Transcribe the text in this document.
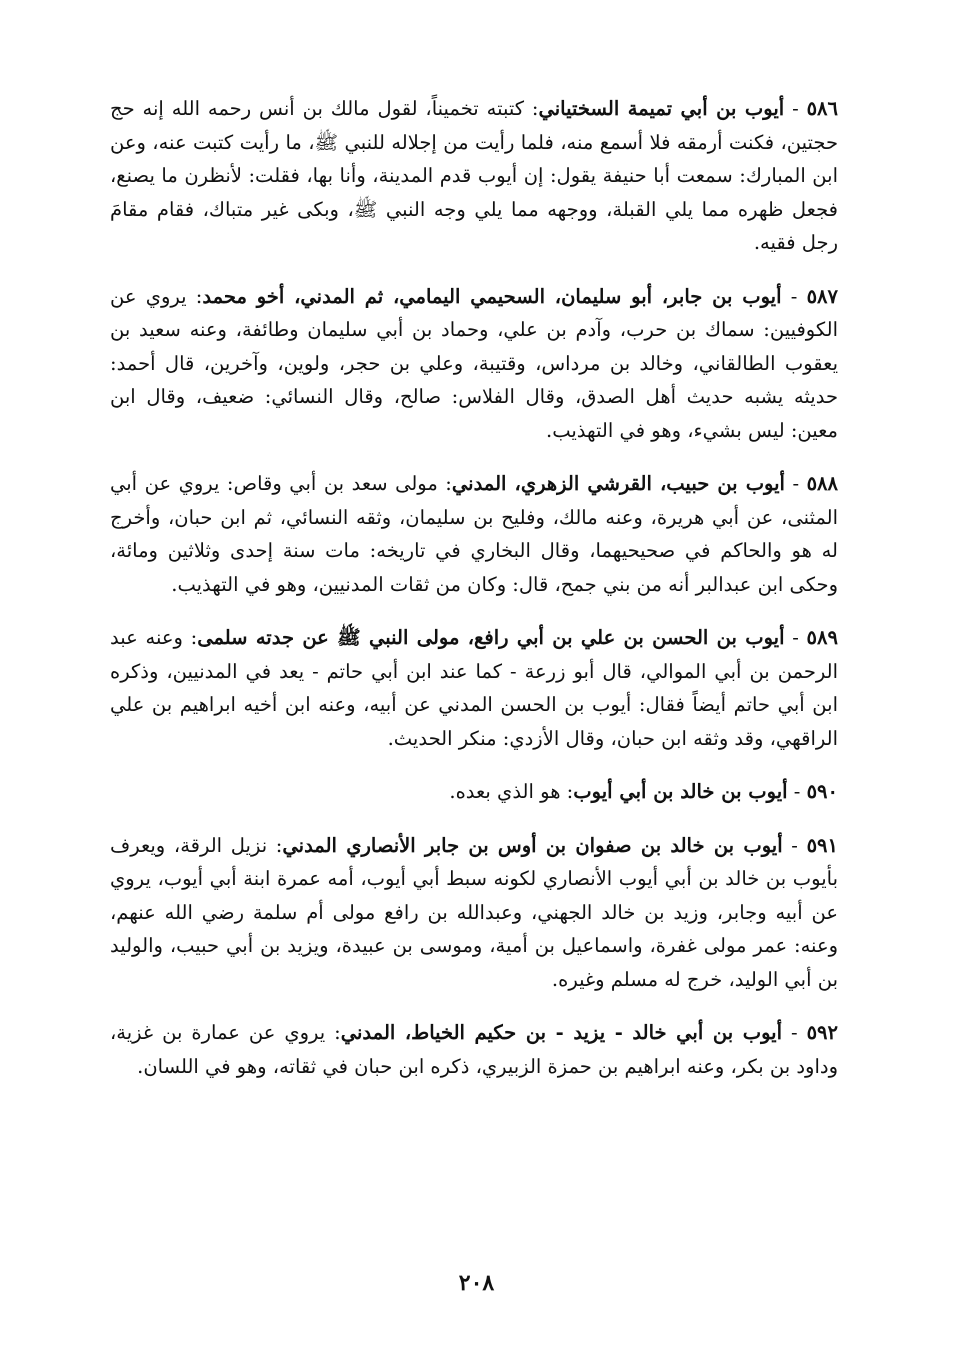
٥٨٦ - أيوب بن أبي تميمة السختياني: كتبته تخميناً، لقول مالك بن أنس رحمه الله إنه حج حجتين، فكنت أرمقه فلا أسمع منه، فلما رأيت من إجلاله للنبي ﷺ، ما رأيت كتبت عنه، وعن ابن المبارك: سمعت أبا حنيفة يقول: إن أيوب قدم المدينة، وأنا بها، فقلت: لأنظرن ما يصنع، فجعل ظهره مما يلي القبلة، ووجهه مما يلي وجه النبي ﷺ، وبكى غير متباك، فقام مقامَ رجل فقيه.

٥٨٧ - أيوب بن جابر، أبو سليمان، السحيمي اليمامي، ثم المدني، أخو محمد: يروي عن الكوفيين: سماك بن حرب، وآدم بن علي، وحماد بن أبي سليمان وطائفة، وعنه سعيد بن يعقوب الطالقاني، وخالد بن مرداس، وقتيبة، وعلي بن حجر، ولوين، وآخرين، قال أحمد: حديثه يشبه حديث أهل الصدق، وقال الفلاس: صالح، وقال النسائي: ضعيف، وقال ابن معين: ليس بشيء، وهو في التهذيب.

٥٨٨ - أيوب بن حبيب، القرشي الزهري، المدني: مولى سعد بن أبي وقاص: يروي عن أبي المثنى، عن أبي هريرة، وعنه مالك، وفليح بن سليمان، وثقه النسائي، ثم ابن حبان، وأخرج له هو والحاكم في صحيحيهما، وقال البخاري في تاريخه: مات سنة إحدى وثلاثين ومائة، وحكى ابن عبدالبر أنه من بني جمح، قال: وكان من ثقات المدنيين، وهو في التهذيب.

٥٨٩ - أيوب بن الحسن بن علي بن أبي رافع، مولى النبي ﷺ عن جدته سلمى: وعنه عبد الرحمن بن أبي الموالي، قال أبو زرعة - كما عند ابن أبي حاتم - يعد في المدنيين، وذكره ابن أبي حاتم أيضاً فقال: أيوب بن الحسن المدني عن أبيه، وعنه ابن أخيه ابراهيم بن علي الراقهي، وقد وثقه ابن حبان، وقال الأزدي: منكر الحديث.

٥٩٠ - أيوب بن خالد بن أبي أيوب: هو الذي بعده.

٥٩١ - أيوب بن خالد بن صفوان بن أوس بن جابر الأنصاري المدني: نزيل الرقة، ويعرف بأيوب بن خالد بن أبي أيوب الأنصاري لكونه سبط أبي أيوب، أمه عمرة ابنة أبي أيوب، يروي عن أبيه وجابر، وزيد بن خالد الجهني، وعبدالله بن رافع مولى أم سلمة رضي الله عنهم، وعنه: عمر مولى غفرة، واسماعيل بن أمية، وموسى بن عبيدة، ويزيد بن أبي حبيب، والوليد بن أبي الوليد، خرج له مسلم وغيره.

٥٩٢ - أيوب بن أبي خالد - يزيد - بن حكيم الخياط، المدني: يروي عن عمارة بن غزية، وداود بن بكر، وعنه ابراهيم بن حمزة الزبيري، ذكره ابن حبان في ثقاته، وهو في اللسان.

٢٠٨
